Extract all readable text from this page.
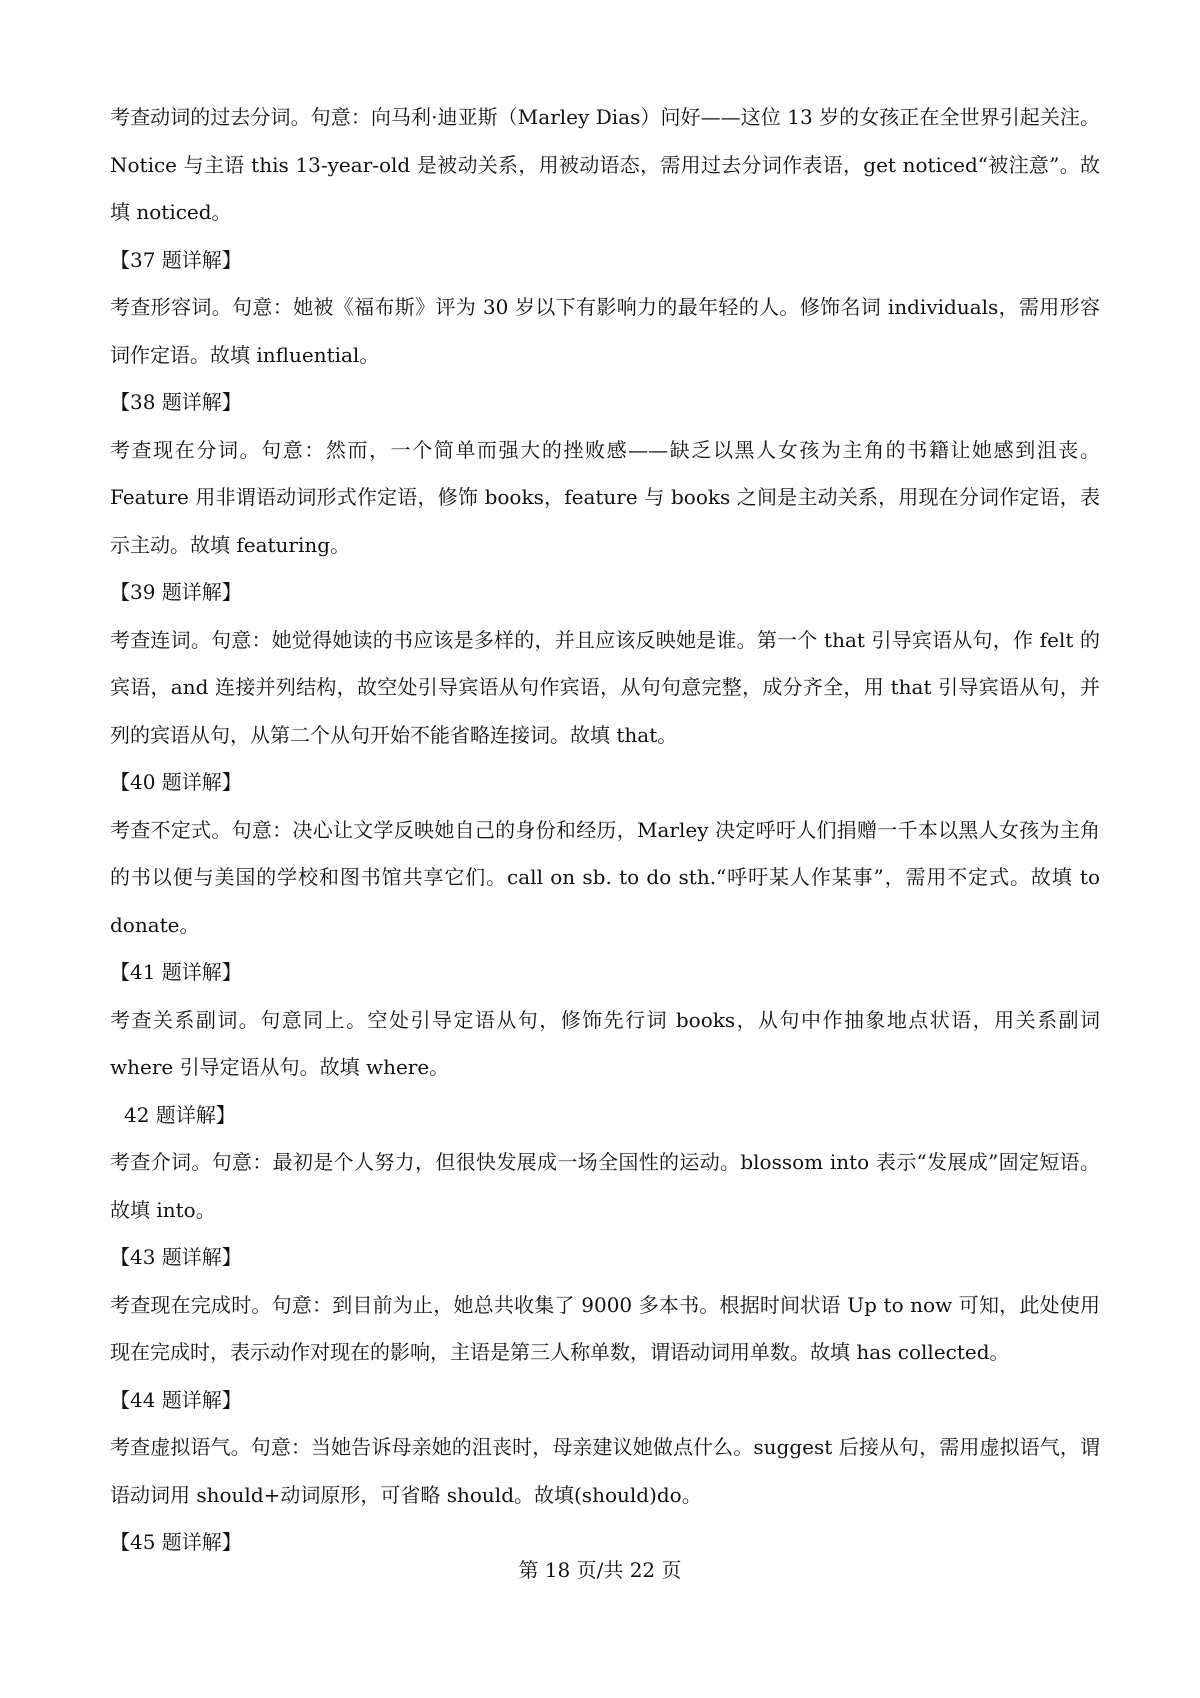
考查动词的过去分词。句意：向马利·迪亚斯（Marley Dias）问好——这位 13 岁的女孩正在全世界引起关注。Notice 与主语 this 13-year-old 是被动关系，用被动语态，需用过去分词作表语，get noticed“被注意”。故填 noticed。

【37 题详解】

考查形容词。句意：她被《福布斯》评为 30 岁以下有影响力的最年轻的人。修饰名词 individuals，需用形容词作定语。故填 influential。

【38 题详解】

考查现在分词。句意：然而，一个简单而强大的挫败感——缺乏以黑人女孩为主角的书籍让她感到沮丧。Feature 用非谓语动词形式作定语，修饰 books，feature 与 books 之间是主动关系，用现在分词作定语，表示主动。故填 featuring。

【39 题详解】

考查连词。句意：她觉得她读的书应该是多样的，并且应该反映她是谁。第一个 that 引导宾语从句，作 felt 的宾语，and 连接并列结构，故空处引导宾语从句作宾语，从句句意完整，成分齐全，用 that 引导宾语从句，并列的宾语从句，从第二个从句开始不能省略连接词。故填 that。

【40 题详解】

考查不定式。句意：决心让文学反映她自己的身份和经历，Marley 决定呼吁人们捐赠一千本以黑人女孩为主角的书以便与美国的学校和图书馆共享它们。call on sb. to do sth.“呼吁某人作某事”，需用不定式。故填 to donate。

【41 题详解】

考查关系副词。句意同上。空处引导定语从句，修饰先行词 books，从句中作抽象地点状语，用关系副词 where 引导定语从句。故填 where。

42 题详解】

考查介词。句意：最初是个人努力，但很快发展成一场全国性的运动。blossom into 表示“发展成”固定短语。故填 into。

【43 题详解】

考查现在完成时。句意：到目前为止，她总共收集了 9000 多本书。根据时间状语 Up to now 可知，此处使用现在完成时，表示动作对现在的影响，主语是第三人称单数，谓语动词用单数。故填 has collected。

【44 题详解】

考查虚拟语气。句意：当她告诉母亲她的沮丧时，母亲建议她做点什么。suggest 后接从句，需用虚拟语气，谓语动词用 should+动词原形，可省略 should。故填(should)do。

【45 题详解】

第 18 页/共 22 页
